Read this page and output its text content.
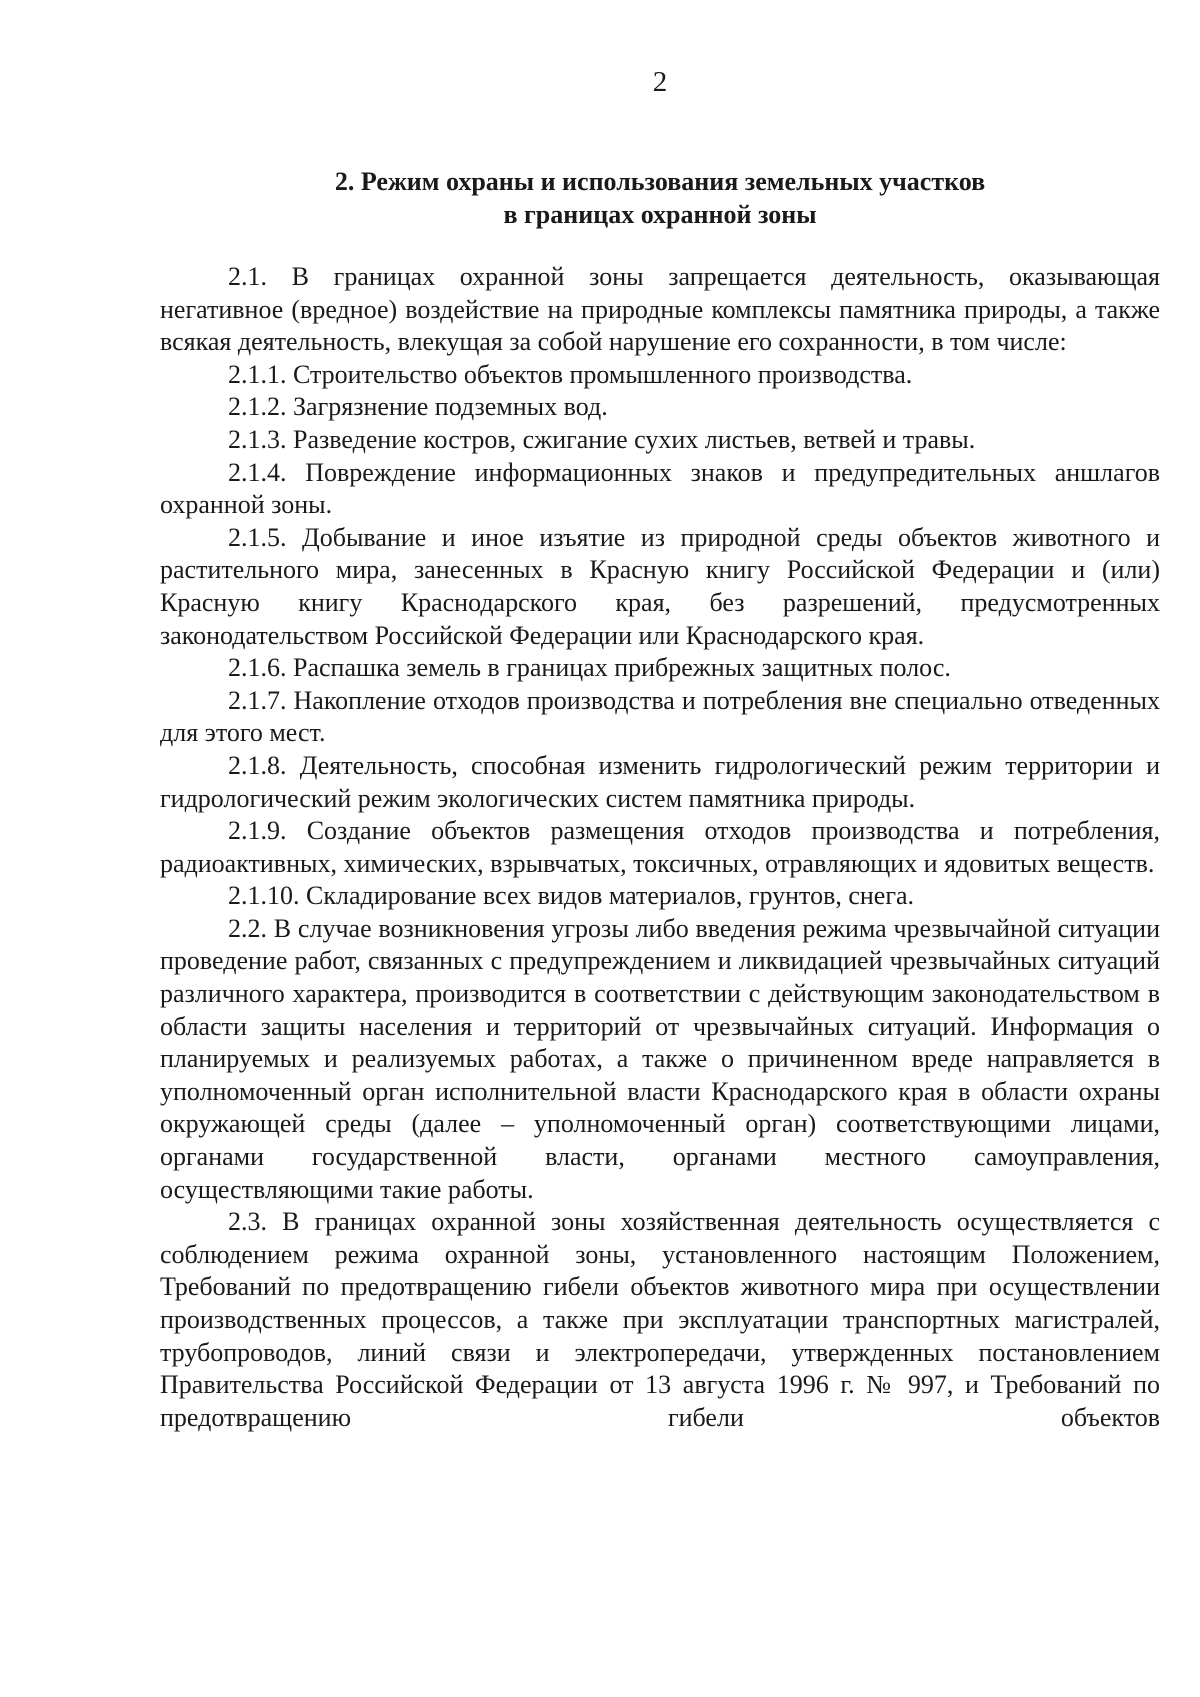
2
2. Режим охраны и использования земельных участков
в границах охранной зоны

2.1. В границах охранной зоны запрещается деятельность, оказывающая негативное (вредное) воздействие на природные комплексы памятника природы, а также всякая деятельность, влекущая за собой нарушение его сохранности, в том числе:

2.1.1. Строительство объектов промышленного производства.

2.1.2. Загрязнение подземных вод.

2.1.3. Разведение костров, сжигание сухих листьев, ветвей и травы.

2.1.4. Повреждение информационных знаков и предупредительных аншлагов охранной зоны.

2.1.5. Добывание и иное изъятие из природной среды объектов животного и растительного мира, занесенных в Красную книгу Российской Федерации и (или) Красную книгу Краснодарского края, без разрешений, предусмотренных законодательством Российской Федерации или Краснодарского края.

2.1.6. Распашка земель в границах прибрежных защитных полос.

2.1.7. Накопление отходов производства и потребления вне специально отведенных для этого мест.

2.1.8. Деятельность, способная изменить гидрологический режим территории и гидрологический режим экологических систем памятника природы.

2.1.9. Создание объектов размещения отходов производства и потребления, радиоактивных, химических, взрывчатых, токсичных, отравляющих и ядовитых веществ.

2.1.10. Складирование всех видов материалов, грунтов, снега.

2.2. В случае возникновения угрозы либо введения режима чрезвычайной ситуации проведение работ, связанных с предупреждением и ликвидацией чрезвычайных ситуаций различного характера, производится в соответствии с действующим законодательством в области защиты населения и территорий от чрезвычайных ситуаций. Информация о планируемых и реализуемых работах, а также о причиненном вреде направляется в уполномоченный орган исполнительной власти Краснодарского края в области охраны окружающей среды (далее – уполномоченный орган) соответствующими лицами, органами государственной власти, органами местного самоуправления, осуществляющими такие работы.

2.3. В границах охранной зоны хозяйственная деятельность осуществляется с соблюдением режима охранной зоны, установленного настоящим Положением, Требований по предотвращению гибели объектов животного мира при осуществлении производственных процессов, а также при эксплуатации транспортных магистралей, трубопроводов, линий связи и электропередачи, утвержденных постановлением Правительства Российской Федерации от 13 августа 1996 г. № 997, и Требований по предотвращению гибели объектов
